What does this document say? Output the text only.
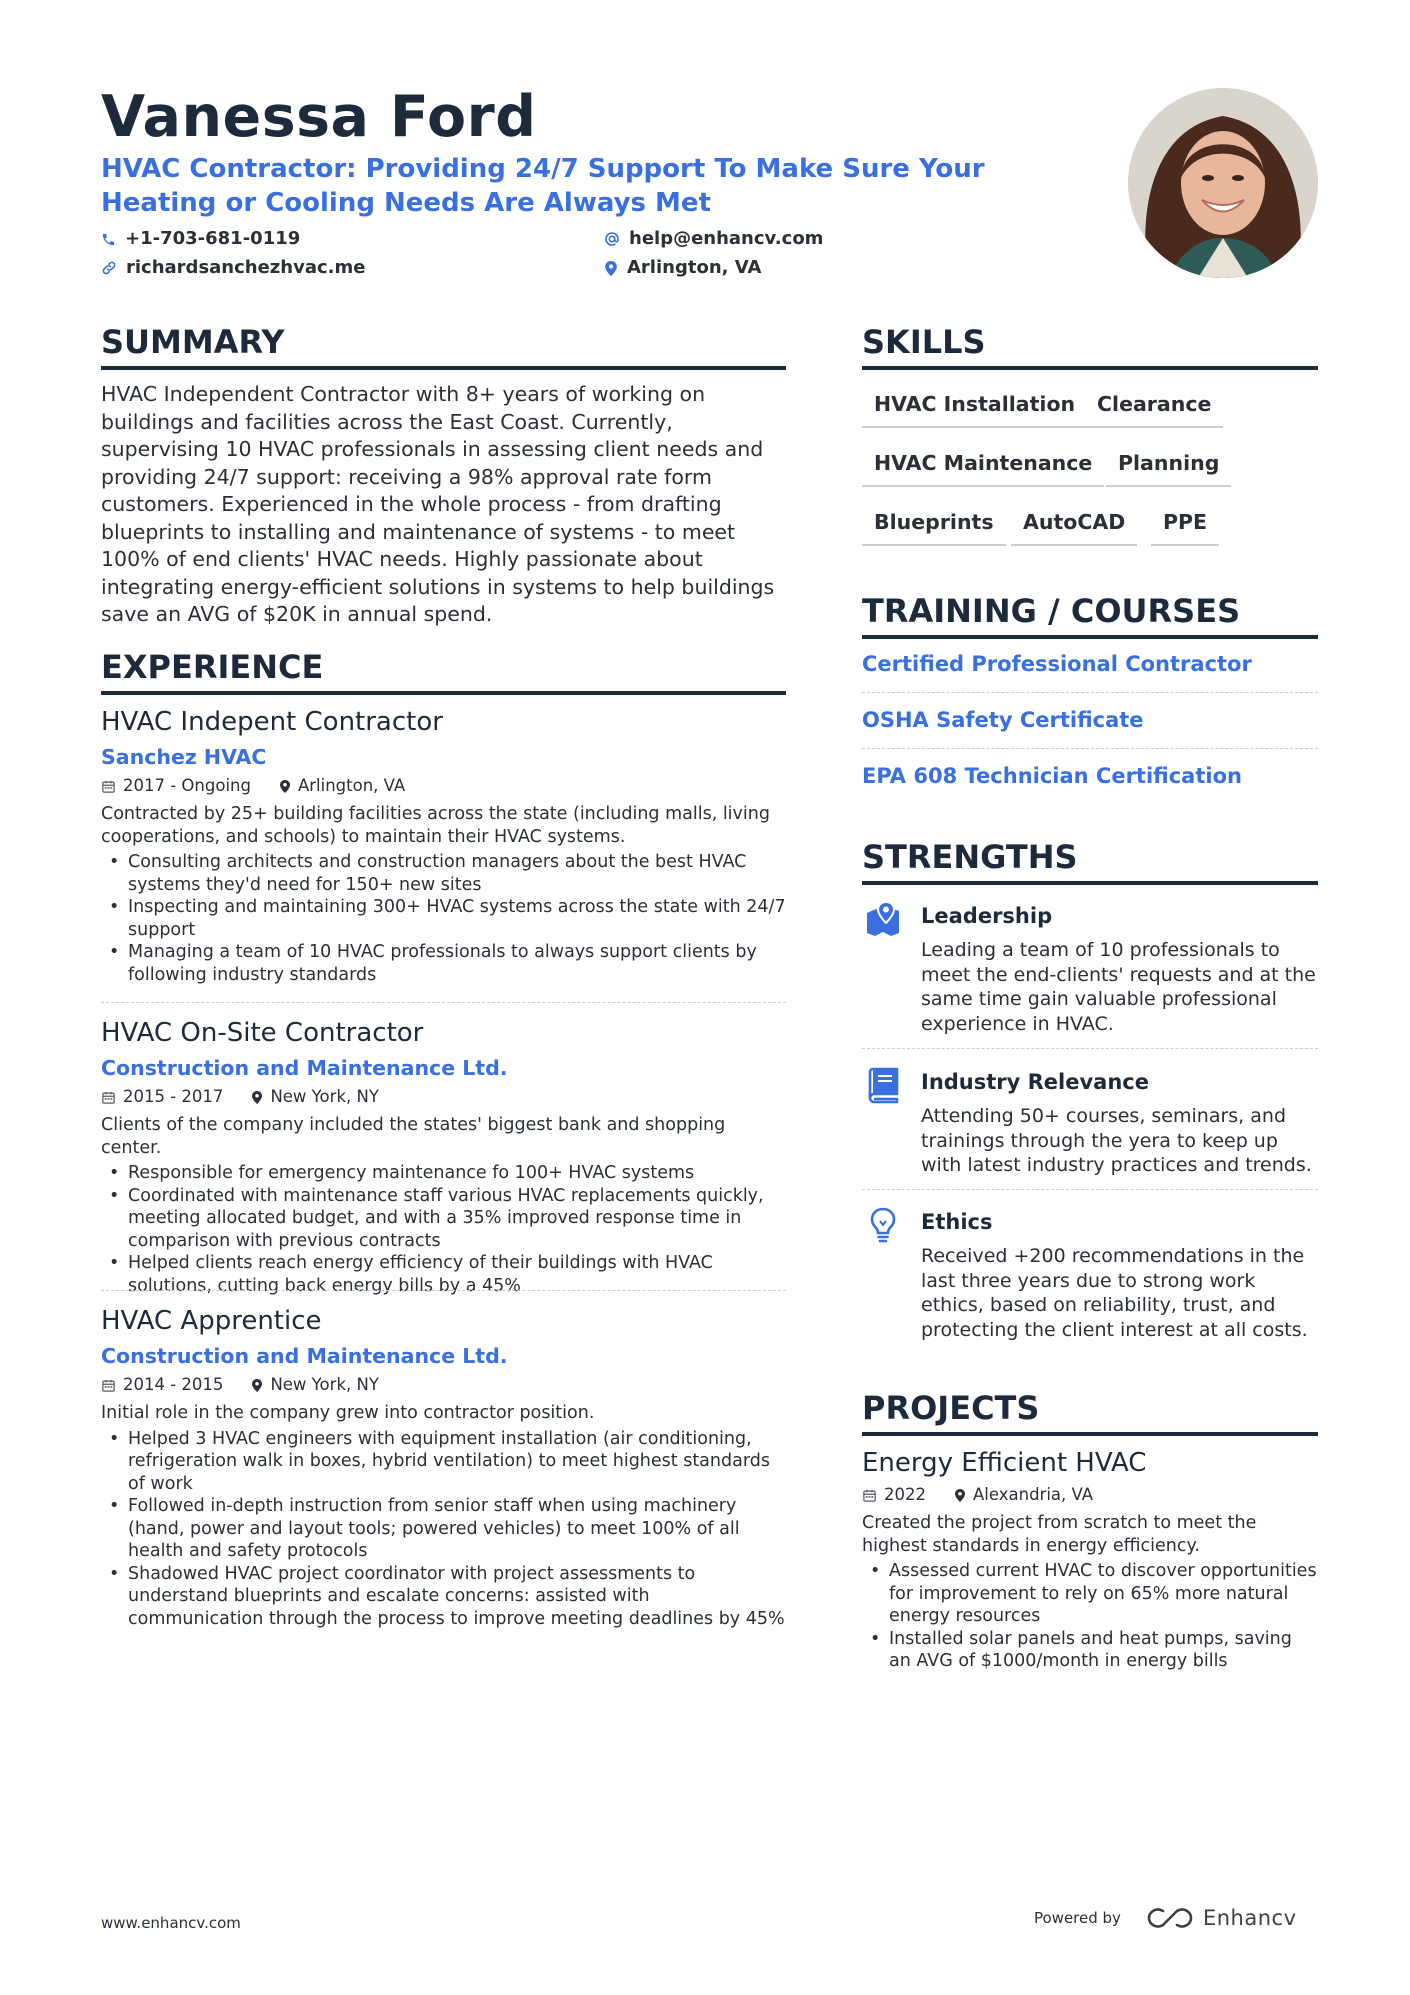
Vanessa Ford

HVAC Contractor: Providing 24/7 Support To Make Sure Your Heating or Cooling Needs Are Always Met

+1-703-681-0119	help@enhancv.com
richardsanchezhvac.me	Arlington, VA
SUMMARY

HVAC Independent Contractor with 8+ years of working on buildings and facilities across the East Coast. Currently, supervising 10 HVAC professionals in assessing client needs and providing 24/7 support: receiving a 98% approval rate form customers. Experienced in the whole process - from drafting blueprints to installing and maintenance of systems - to meet 100% of end clients' HVAC needs. Highly passionate about integrating energy-efficient solutions in systems to help buildings save an AVG of $20K in annual spend.

EXPERIENCE

HVAC Indepent Contractor

Sanchez HVAC

2017 - Ongoing	Arlington, VA

Contracted by 25+ building facilities across the state (including malls, living cooperations, and schools) to maintain their HVAC systems.

• Consulting architects and construction managers about the best HVAC systems they'd need for 150+ new sites
• Inspecting and maintaining 300+ HVAC systems across the state with 24/7 support
• Managing a team of 10 HVAC professionals to always support clients by following industry standards

HVAC On-Site Contractor

Construction and Maintenance Ltd.

2015 - 2017	New York, NY

Clients of the company included the states' biggest bank and shopping center.

• Responsible for emergency maintenance fo 100+ HVAC systems
• Coordinated with maintenance staff various HVAC replacements quickly, meeting allocated budget, and with a 35% improved response time in comparison with previous contracts
• Helped clients reach energy efficiency of their buildings with HVAC solutions, cutting back energy bills by a 45%

HVAC Apprentice

Construction and Maintenance Ltd.

2014 - 2015	New York, NY

Initial role in the company grew into contractor position.

• Helped 3 HVAC engineers with equipment installation (air conditioning, refrigeration walk in boxes, hybrid ventilation) to meet highest standards of work
• Followed in-depth instruction from senior staff when using machinery (hand, power and layout tools; powered vehicles) to meet 100% of all health and safety protocols
• Shadowed HVAC project coordinator with project assessments to understand blueprints and escalate concerns: assisted with communication through the process to improve meeting deadlines by 45%
SKILLS
HVAC Installation	Clearance
HVAC Maintenance	Planning
Blueprints	AutoCAD	PPE
TRAINING / COURSES
Certified Professional Contractor
OSHA Safety Certificate
EPA 608 Technician Certification
STRENGTHS

Leadership

Leading a team of 10 professionals to meet the end-clients' requests and at the same time gain valuable professional experience in HVAC.

Industry Relevance

Attending 50+ courses, seminars, and trainings through the yera to keep up with latest industry practices and trends.

Ethics

Received +200 recommendations in the last three years due to strong work ethics, based on reliability, trust, and protecting the client interest at all costs.

PROJECTS

Energy Efficient HVAC

2022	Alexandria, VA

Created the project from scratch to meet the highest standards in energy efficiency.

• Assessed current HVAC to discover opportunities for improvement to rely on 65% more natural energy resources
• Installed solar panels and heat pumps, saving an AVG of $1000/month in energy bills
www.enhancv.com	Powered by	Enhancv
